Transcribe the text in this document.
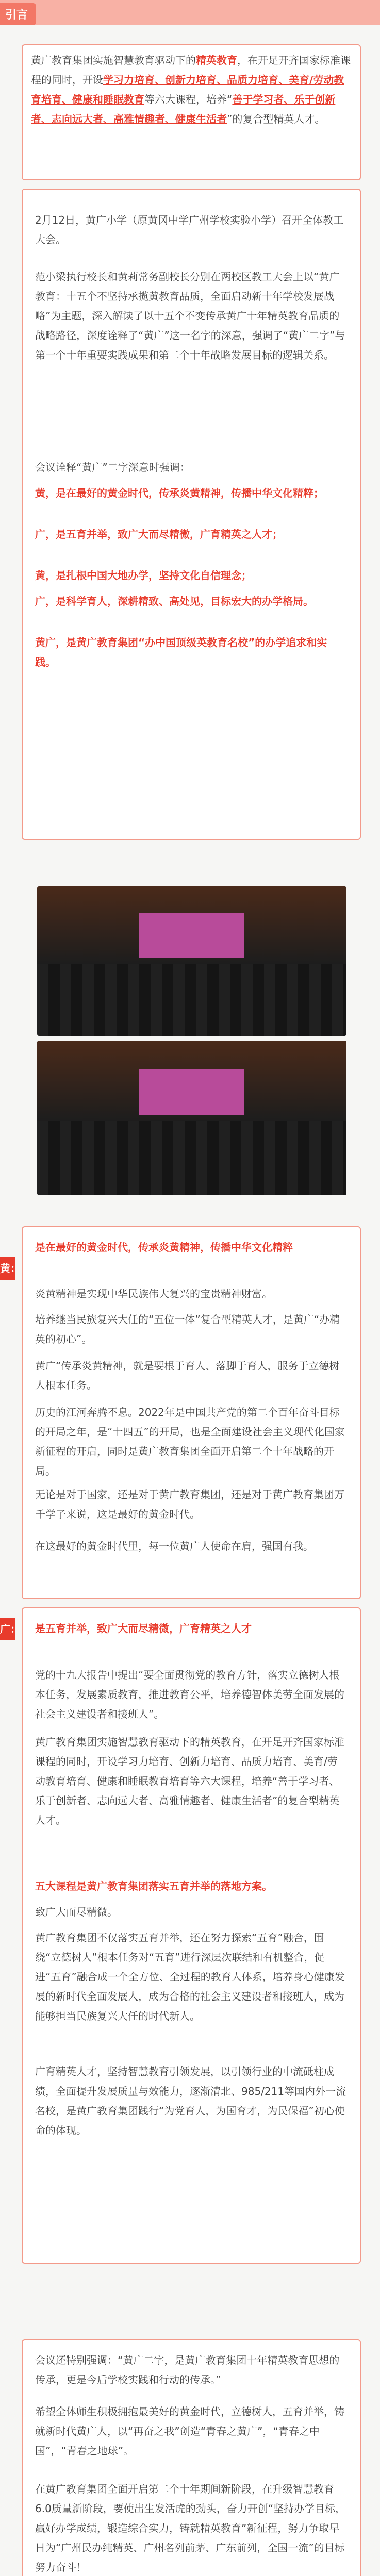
引言
黄广教育集团实施智慧教育驱动下的精英教育，在开足开齐国家标准课程的同时，开设学习力培育、创新力培育、品质力培育、美育/劳动教育培育、健康和睡眠教育等六大课程，培养“善于学习者、乐于创新者、志向远大者、高雅情趣者、健康生活者”的复合型精英人才。
2月12日，黄广小学（原黄冈中学广州学校实验小学）召开全体教工大会。
范小梁执行校长和黄莉常务副校长分别在两校区教工大会上以“黄广教育：十五个不坚持承揽黄教育品质，全面启动新十年学校发展战略”为主题，深入解读了以十五个不变传承黄广十年精英教育品质的战略路径，深度诠释了“黄广”这一名字的深意，强调了“黄广二字”与第一个十年重要实践成果和第二个十年战略发展目标的逻辑关系。
会议诠释“黄广”二字深意时强调：
黄，是在最好的黄金时代，传承炎黄精神，传播中华文化精粹；
广，是五育并举，致广大而尽精微，广育精英之人才；
黄，是扎根中国大地办学，坚持文化自信理念；
广，是科学育人，深耕精致、高处见，目标宏大的办学格局。
黄广，是黄广教育集团“办中国顶级英教育名校”的办学追求和实践。
黄：
是在最好的黄金时代，传承炎黄精神，传播中华文化精粹
炎黄精神是实现中华民族伟大复兴的宝贵精神财富。
培养继当民族复兴大任的“五位一体”复合型精英人才，是黄广“办精英的初心”。
黄广“传承炎黄精神，就是要根于育人、落脚于育人，服务于立德树人根本任务。
历史的江河奔腾不息。2022年是中国共产党的第二个百年奋斗目标的开局之年，是“十四五”的开局，也是全面建设社会主义现代化国家新征程的开启，同时是黄广教育集团全面开启第二个十年战略的开局。
无论是对于国家，还是对于黄广教育集团，还是对于黄广教育集团万千学子来说，这是最好的黄金时代。
在这最好的黄金时代里，每一位黄广人使命在肩，强国有我。
广： 是五育并举，致广大而尽精微，广育精英之人才
党的十九大报告中提出“要全面贯彻党的教育方针，落实立德树人根本任务，发展素质教育，推进教育公平，培养德智体美劳全面发展的社会主义建设者和接班人”。
黄广教育集团实施智慧教育驱动下的精英教育，在开足开齐国家标准课程的同时，开设学习力培育、创新力培育、品质力培育、美育/劳动教育培育、健康和睡眠教育培育等六大课程，培养“善于学习者、乐于创新者、志向远大者、高雅情趣者、健康生活者”的复合型精英人才。
五大课程是黄广教育集团落实五育并举的落地方案。
致广大而尽精微。
黄广教育集团不仅落实五育并举，还在努力探索“五育”融合，围绕“立德树人”根本任务对“五育”进行深层次联结和有机整合，促进“五育”融合成一个全方位、全过程的教育人体系，培养身心健康发展的新时代全面发展人，成为合格的社会主义建设者和接班人，成为能够担当民族复兴大任的时代新人。
广育精英人才，坚持智慧教育引领发展，以引领行业的中流砥柱成绩，全面提升发展质量与效能力，逐渐清北、985/211等国内外一流名校，是黄广教育集团践行“为党育人，为国育才，为民保福”初心使命的体现。
会议还特别强调：“黄广二字，是黄广教育集团十年精英教育思想的传承，更是今后学校实践和行动的传承。”
希望全体师生积极拥抱最美好的黄金时代，立德树人，五育并举，铸就新时代黄广人，以“再奋之我”创造“青春之黄广”，“青春之中国”，“青春之地球”。
在黄广教育集团全面开启第二个十年期间新阶段，在升级智慧教育6.0质量新阶段，要使出生发活虎的劲头，奋力开创“坚持办学目标，赢好办学成绩，锻造综合实力，铸就精英教育”新征程，努力争取早日为“广州民办纯精英、广州名列前茅、广东前列，全国一流”的目标努力奋斗！
